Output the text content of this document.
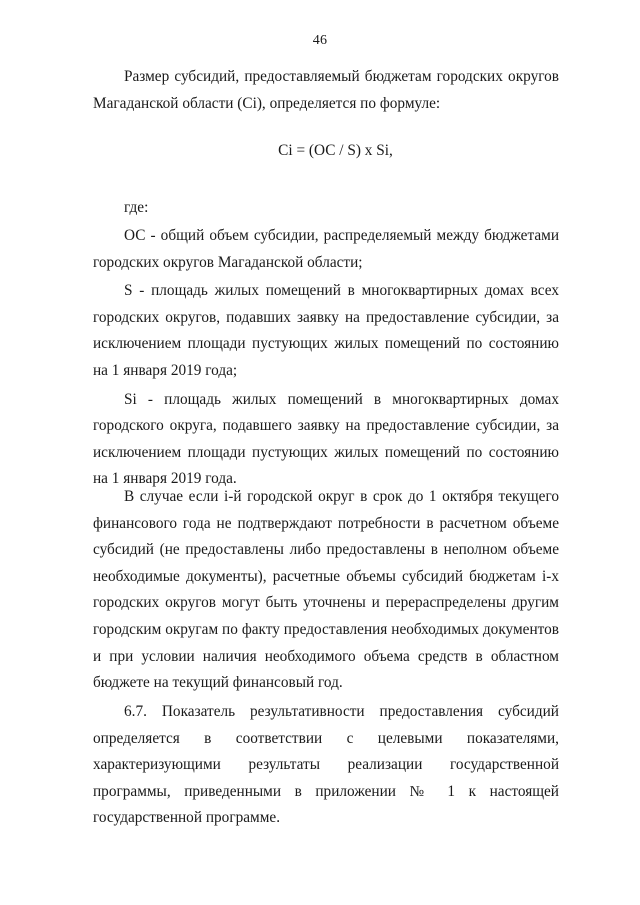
46

Размер субсидий, предоставляемый бюджетам городских округов Магаданской области (Ci), определяется по формуле:

Ci = (ОС / S) x Si,

где:

ОС - общий объем субсидии, распределяемый между бюджетами городских округов Магаданской области;

S - площадь жилых помещений в многоквартирных домах всех городских округов, подавших заявку на предоставление субсидии, за исключением площади пустующих жилых помещений по состоянию на 1 января 2019 года;

Si - площадь жилых помещений в многоквартирных домах городского округа, подавшего заявку на предоставление субсидии, за исключением площади пустующих жилых помещений по состоянию на 1 января 2019 года.

В случае если i-й городской округ в срок до 1 октября текущего финансового года не подтверждают потребности в расчетном объеме субсидий (не предоставлены либо предоставлены в неполном объеме необходимые документы), расчетные объемы субсидий бюджетам i-х городских округов могут быть уточнены и перераспределены другим городским округам по факту предоставления необходимых документов и при условии наличия необходимого объема средств в областном бюджете на текущий финансовый год.

6.7. Показатель результативности предоставления субсидий определяется в соответствии с целевыми показателями, характеризующими результаты реализации государственной программы, приведенными в приложении № 1 к настоящей государственной программе.
